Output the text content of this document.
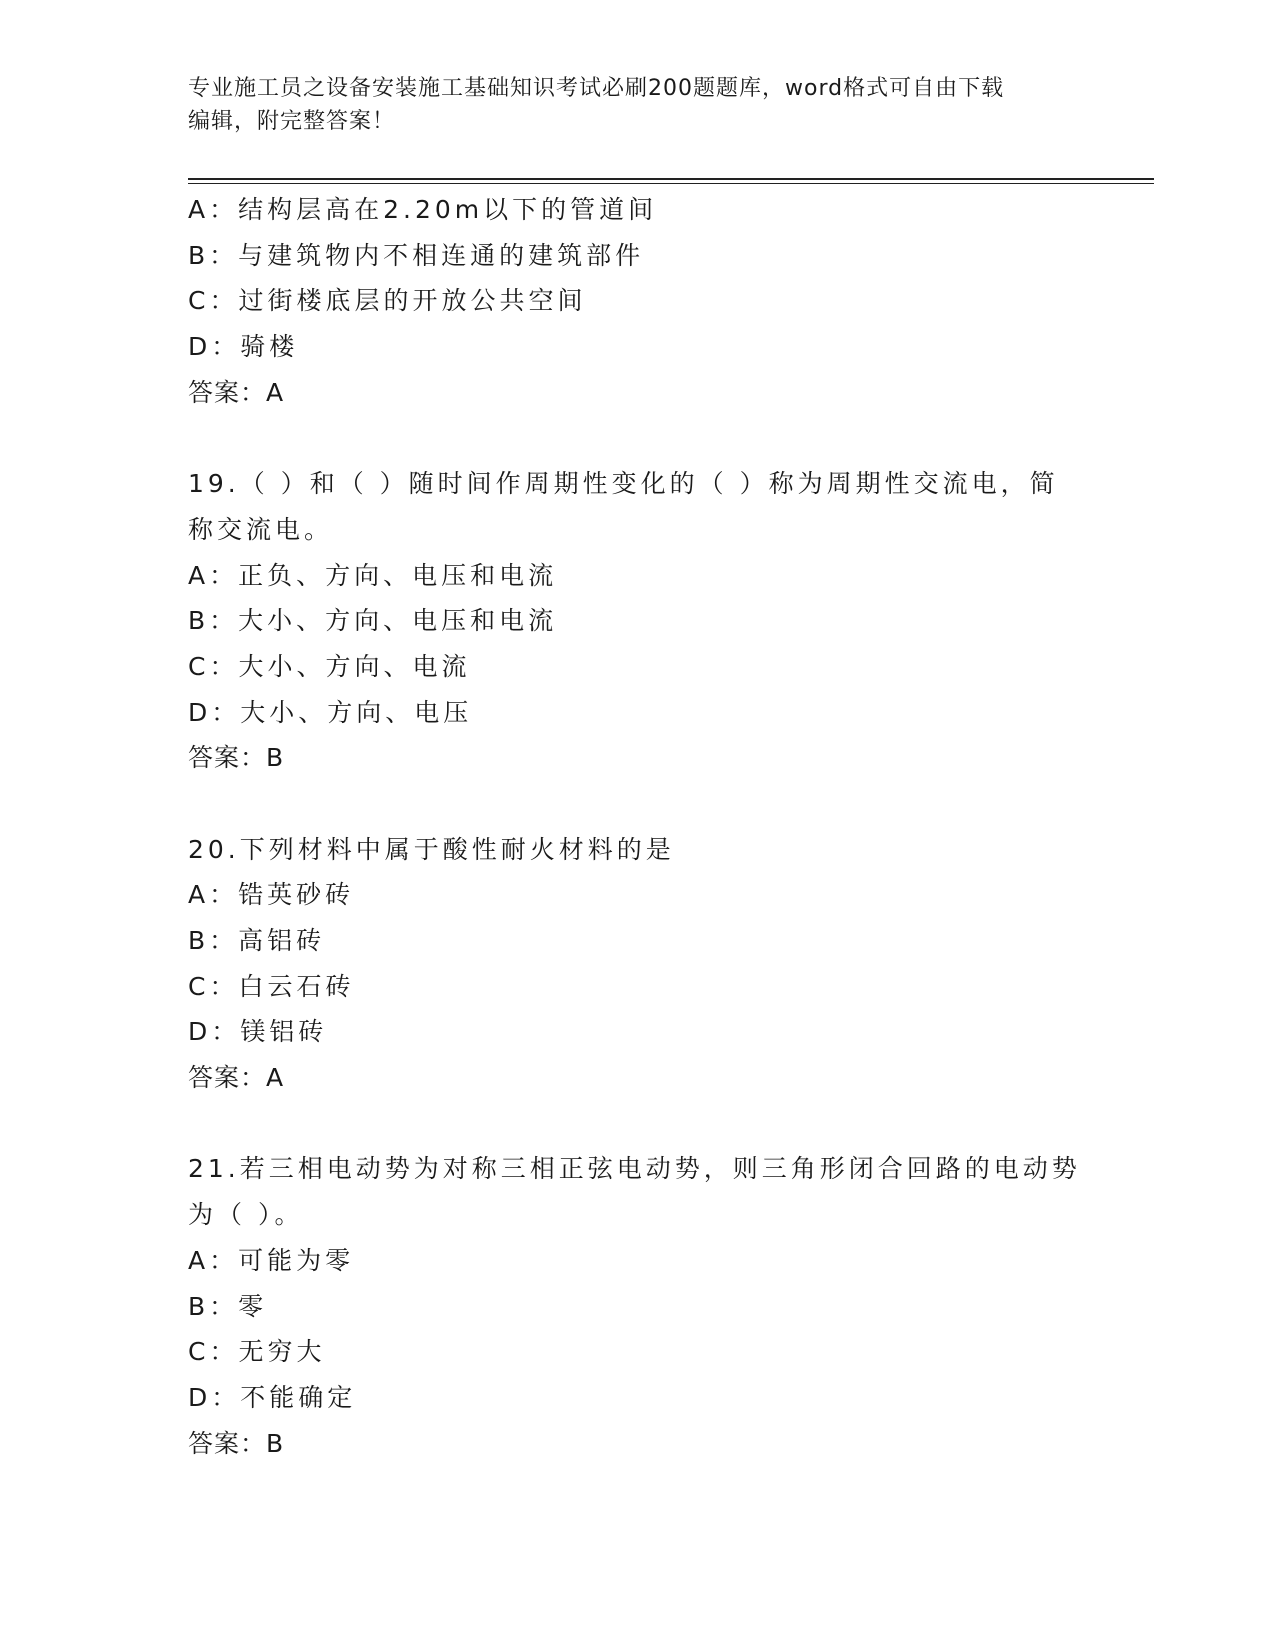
专业施工员之设备安装施工基础知识考试必刷200题题库，word格式可自由下载
编辑，附完整答案！
A：结构层高在2.20m以下的管道间
B：与建筑物内不相连通的建筑部件
C：过街楼底层的开放公共空间
D：骑楼
答案：A
19.（ ）和（ ）随时间作周期性变化的（ ）称为周期性交流电，简
称交流电。
A：正负、方向、电压和电流
B：大小、方向、电压和电流
C：大小、方向、电流
D：大小、方向、电压
答案：B
20.下列材料中属于酸性耐火材料的是
A：锆英砂砖
B：高铝砖
C：白云石砖
D：镁铝砖
答案：A
21.若三相电动势为对称三相正弦电动势，则三角形闭合回路的电动势
为（ ）。
A：可能为零
B：零
C：无穷大
D：不能确定
答案：B
